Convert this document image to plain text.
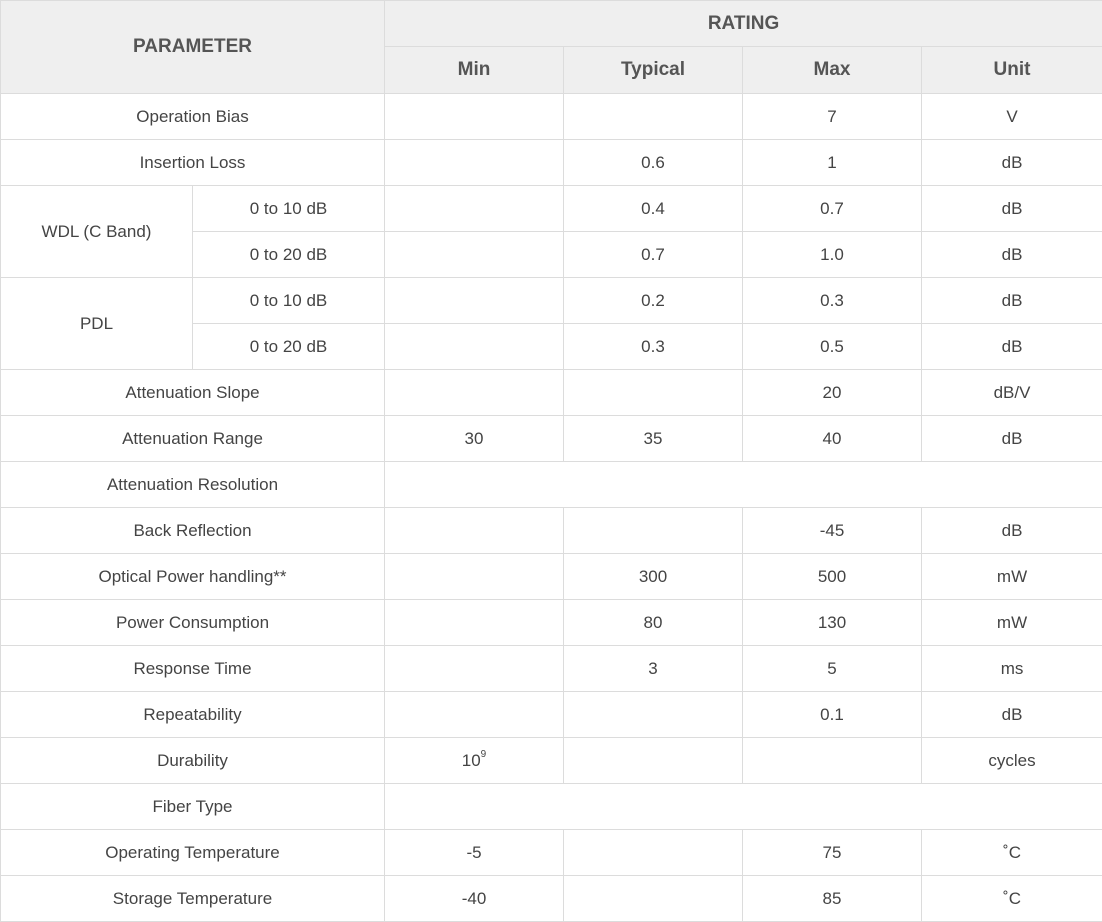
PARAMETER		RATING			
		Min	Typical	Max	Unit
Operation Bias				7	V
Insertion Loss			0.6	1	dB
WDL (C Band)	0 to 10 dB		0.4	0.7	dB
	0 to 20 dB		0.7	1.0	dB
PDL	0 to 10 dB		0.2	0.3	dB
	0 to 20 dB		0.3	0.5	dB
Attenuation Slope				20	dB/V
Attenuation Range		30	35	40	dB
Attenuation Resolution					
Back Reflection				-45	dB
Optical Power handling**			300	500	mW
Power Consumption			80	130	mW
Response Time			3	5	ms
Repeatability				0.1	dB
Durability		$10^9$			cycles
Fiber Type					
Operating Temperature		-5		75	˚C
Storage Temperature		-40		85	˚C
